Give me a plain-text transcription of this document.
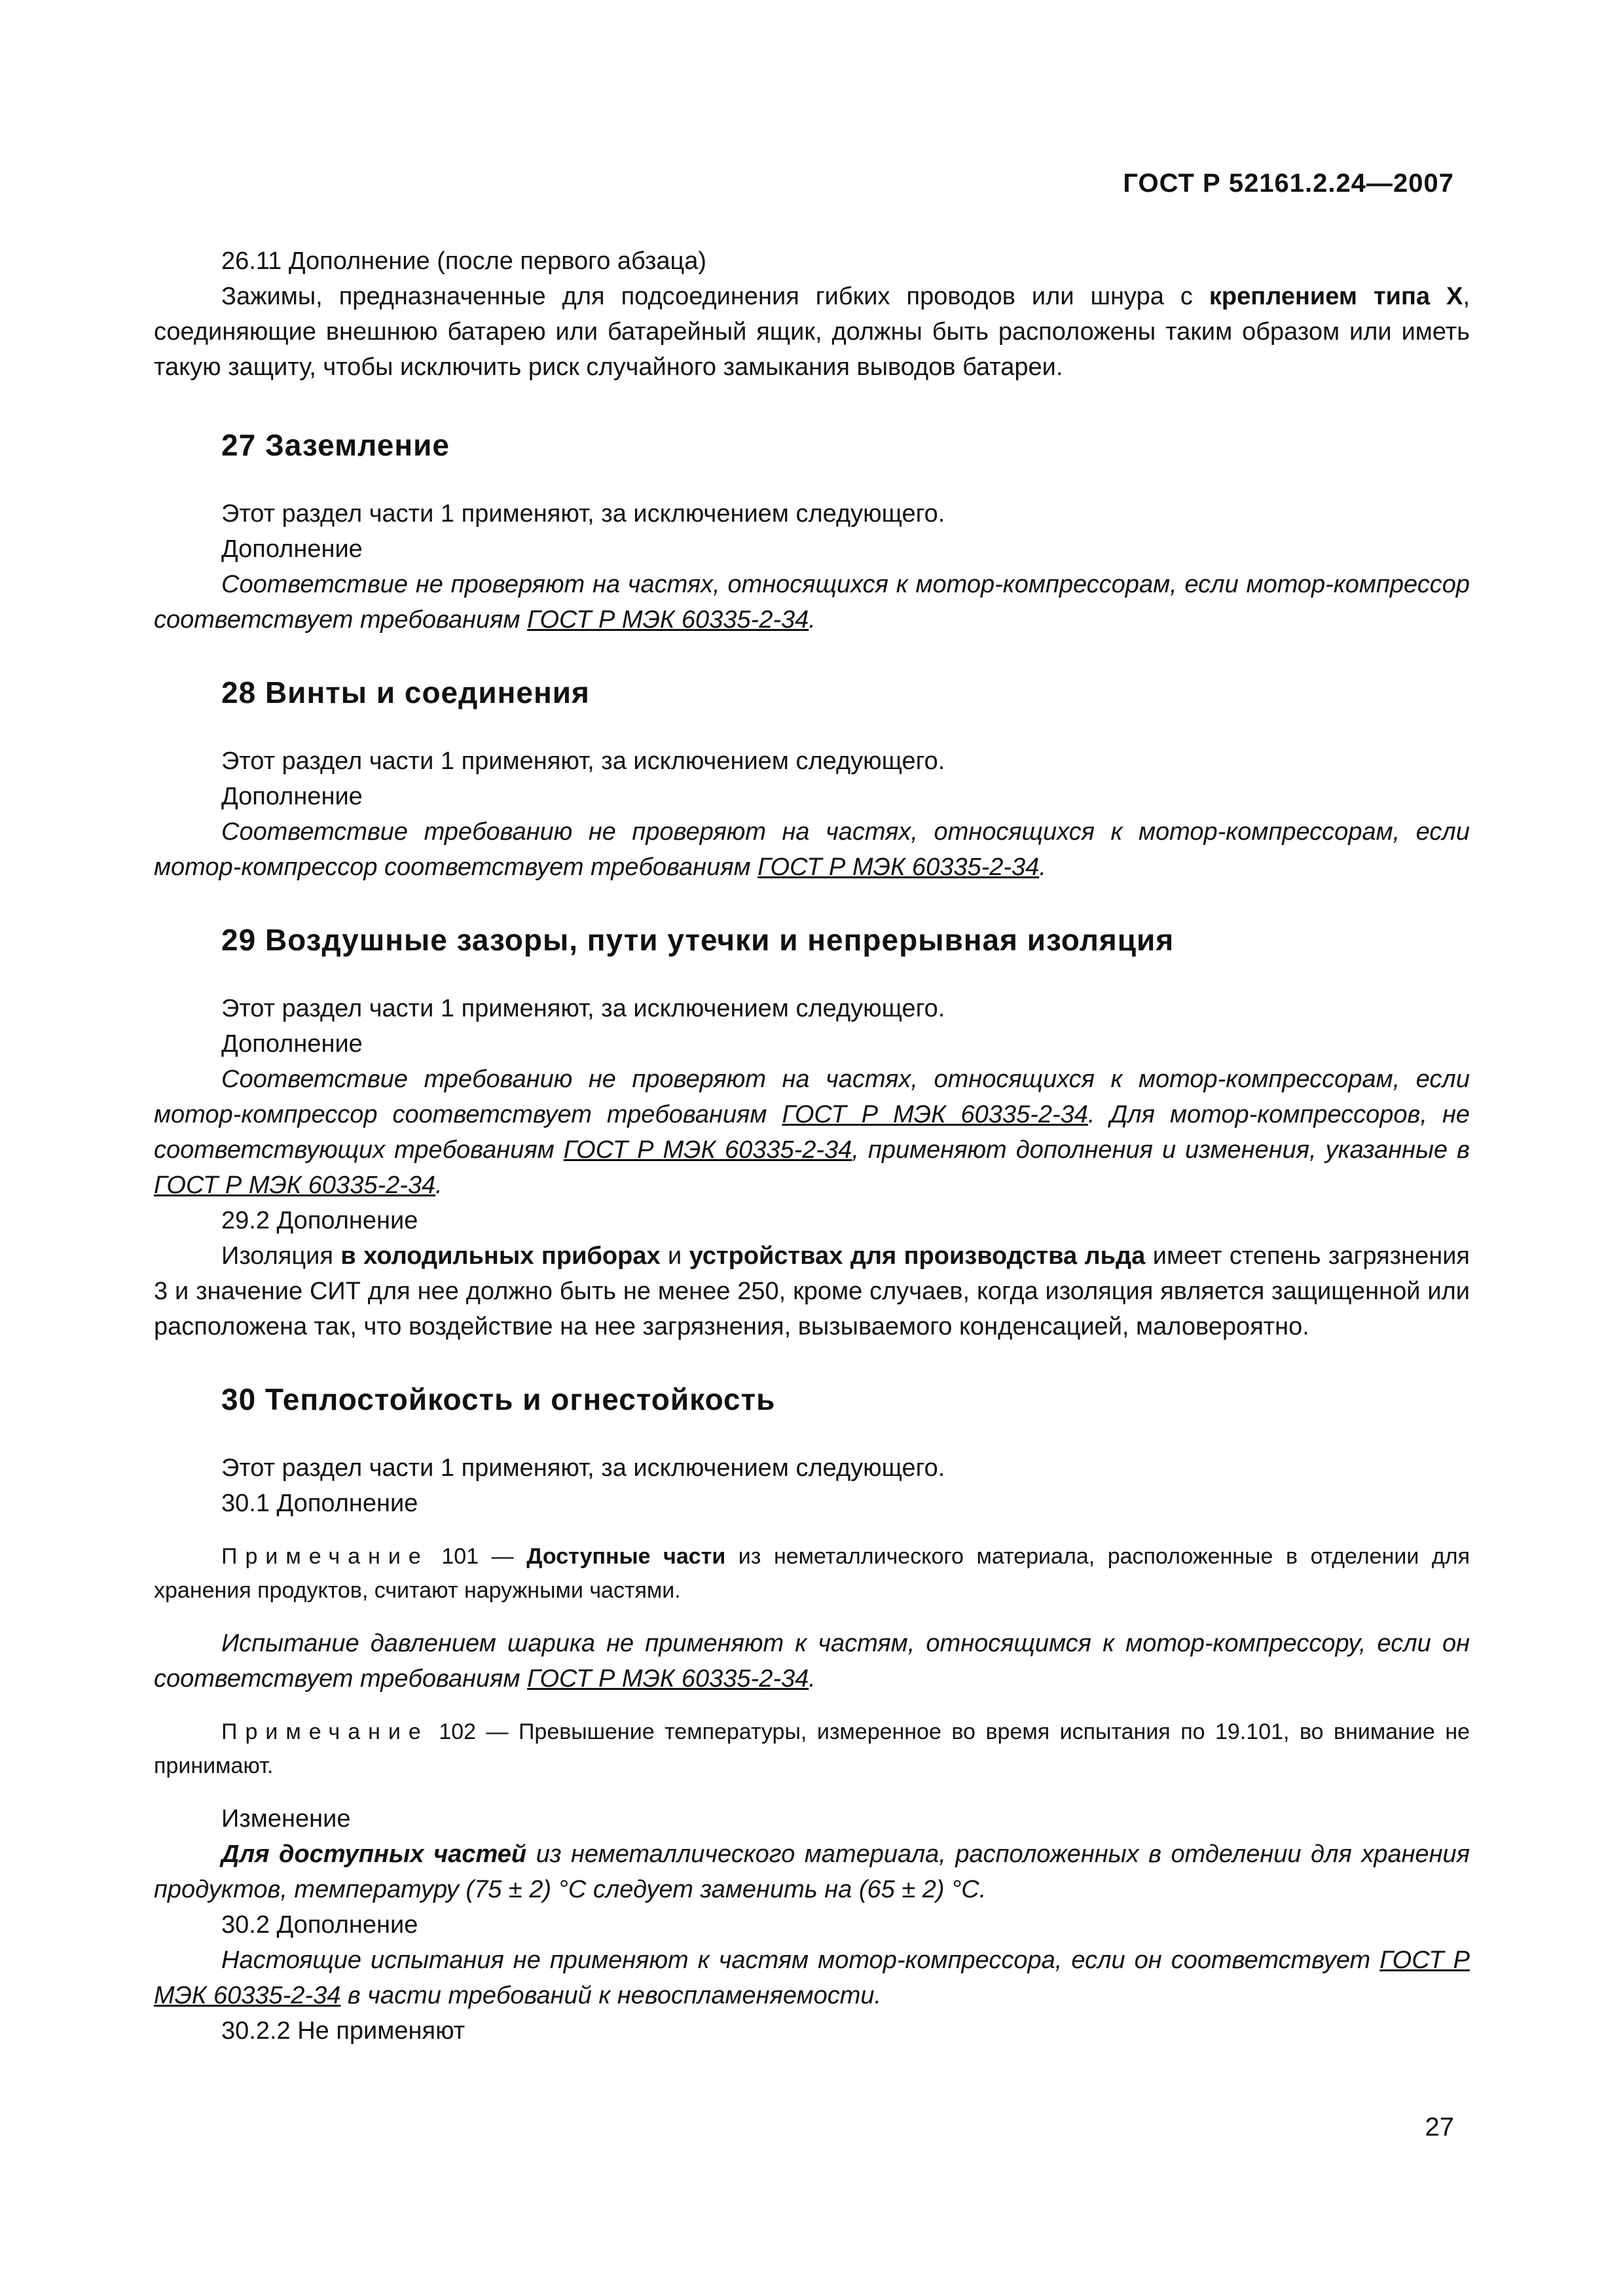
ГОСТ Р 52161.2.24—2007

26.11 Дополнение (после первого абзаца)

Зажимы, предназначенные для подсоединения гибких проводов или шнура с креплением типа X, соединяющие внешнюю батарею или батарейный ящик, должны быть расположены таким образом или иметь такую защиту, чтобы исключить риск случайного замыкания выводов батареи.

27 Заземление

Этот раздел части 1 применяют, за исключением следующего.

Дополнение

Соответствие не проверяют на частях, относящихся к мотор-компрессорам, если мотор-компрессор соответствует требованиям ГОСТ Р МЭК 60335-2-34.

28 Винты и соединения

Этот раздел части 1 применяют, за исключением следующего.

Дополнение

Соответствие требованию не проверяют на частях, относящихся к мотор-компрессорам, если мотор-компрессор соответствует требованиям ГОСТ Р МЭК 60335-2-34.

29 Воздушные зазоры, пути утечки и непрерывная изоляция

Этот раздел части 1 применяют, за исключением следующего.

Дополнение

Соответствие требованию не проверяют на частях, относящихся к мотор-компрессорам, если мотор-компрессор соответствует требованиям ГОСТ Р МЭК 60335-2-34. Для мотор-компрессоров, не соответствующих требованиям ГОСТ Р МЭК 60335-2-34, применяют дополнения и изменения, указанные в ГОСТ Р МЭК 60335-2-34.

29.2 Дополнение

Изоляция в холодильных приборах и устройствах для производства льда имеет степень загрязнения 3 и значение СИТ для нее должно быть не менее 250, кроме случаев, когда изоляция является защищенной или расположена так, что воздействие на нее загрязнения, вызываемого конденсацией, маловероятно.

30 Теплостойкость и огнестойкость

Этот раздел части 1 применяют, за исключением следующего.

30.1 Дополнение

Примечание 101 — Доступные части из неметаллического материала, расположенные в отделении для хранения продуктов, считают наружными частями.

Испытание давлением шарика не применяют к частям, относящимся к мотор-компрессору, если он соответствует требованиям ГОСТ Р МЭК 60335-2-34.

Примечание 102 — Превышение температуры, измеренное во время испытания по 19.101, во внимание не принимают.

Изменение

Для доступных частей из неметаллического материала, расположенных в отделении для хранения продуктов, температуру (75 ± 2) °С следует заменить на (65 ± 2) °С.

30.2 Дополнение

Настоящие испытания не применяют к частям мотор-компрессора, если он соответствует ГОСТ Р МЭК 60335-2-34 в части требований к невоспламеняемости.

30.2.2 Не применяют

27
